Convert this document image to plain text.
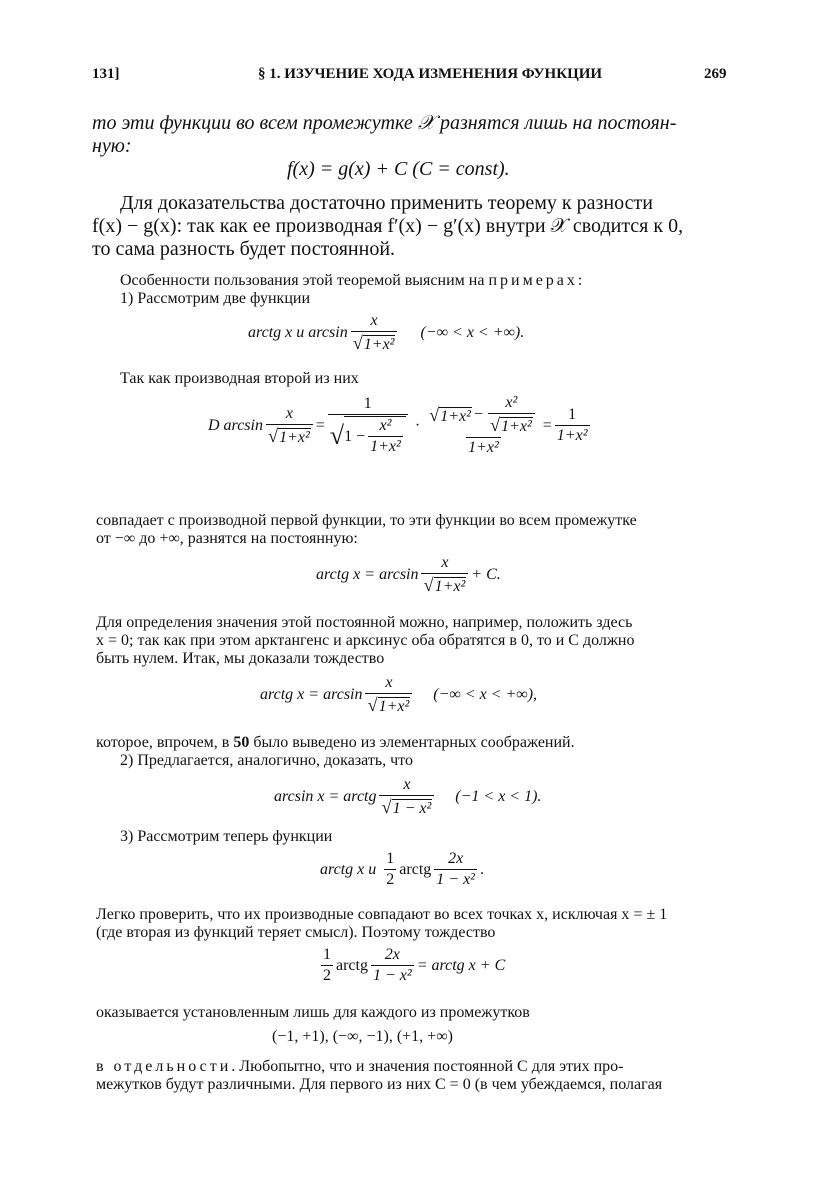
131]	§ 1. ИЗУЧЕНИЕ ХОДА ИЗМЕНЕНИЯ ФУНКЦИИ	269
то эти функции во всем промежутке 𝒳 разнятся лишь на постоян-
ную:
f(x) = g(x) + C (C = const).
Для доказательства достаточно применить теорему к разности
f(x) − g(x): так как ее производная f′(x) − g′(x) внутри 𝒳 сводится к 0,
то сама разность будет постоянной.
Особенности пользования этой теоремой выясним на примерах:
1) Рассмотрим две функции
arctg x и $\arcsin \frac{x}{\text{√1+x²}}$ (−∞ < x < +∞).
Так как производная второй из них
D $\arcsin \frac{x}{\text{√1+x²}} = \frac{1}{√ 1 - \frac{\text{x²}}{\text{1+x²}}} \cdot \frac{√1+x^2 - \frac{\text{x²}}{\text{√1+x²}}}{\text{1+x²}} = \frac{1}{\text{1+x²}}$
совпадает с производной первой функции, то эти функции во всем промежутке
от −∞ до +∞, разнятся на постоянную:
arctg $x = \arcsin \frac{x}{\text{√1+x²}} + C$.
Для определения значения этой постоянной можно, например, положить здесь
x = 0; так как при этом арктангенс и арксинус оба обратятся в 0, то и C должно
быть нулем. Итак, мы доказали тождество
arctg $x = \arcsin \frac{x}{\text{√1+x²}}$ (−∞ < x < +∞),
которое, впрочем, в 50 было выведено из элементарных соображений.
2) Предлагается, аналогично, доказать, что
arcsin x = arctg $\frac{x}{\text{√1 − x²}} (-1 < x < 1)$.
3) Рассмотрим теперь функции
arctg x и $\frac{1}{2}$ arctg $\frac{2x}{\text{1 − x²}}$ .
Легко проверить, что их производные совпадают во всех точках x, исключая x = ± 1
(где вторая из функций теряет смысл). Поэтому тождество
$\frac{1}{2}$ arctg $\frac{2x}{\text{1 − x²}}$ = arctg x + C
оказывается установленным лишь для каждого из промежутков
(−1, +1), (−∞, −1), (+1, +∞)
в отдельности. Любопытно, что и значения постоянной C для этих про-
межутков будут различными. Для первого из них C = 0 (в чем убеждаемся, полагая
